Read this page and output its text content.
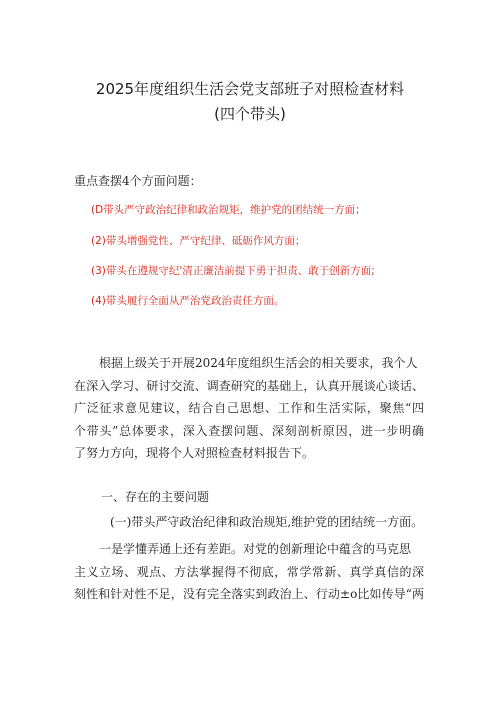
2025年度组织生活会党支部班子对照检查材料
(四个带头)
重点查摆4个方面问题：
(D带头严守政治纪律和政治规矩，维护党的团结统一方面；
(2)带头增强党性、严守纪律、砥砺作风方面；
(3)带头在遵规守纪'清正廉洁前提下勇于担责、敢于创新方面;
(4)带头履行全面从严治党政治责任方面。
根据上级关于开展2024年度组织生活会的相关要求，我个人
在深入学习、研讨交流、调查研究的基础上，认真开展谈心谈话、
广泛征求意见建议，结合自己思想、工作和生活实际，聚焦“四
个带头”总体要求，深入查摆问题、深刻剖析原因，进一步明确
了努力方向，现将个人对照检查材料报告下。
一、存在的主要问题
(一)带头严守政治纪律和政治规矩,维护党的团结统一方面。
一是学懂弄通上还有差距。对党的创新理论中蕴含的马克思
主义立场、观点、方法掌握得不彻底，常学常新、真学真信的深
刻性和针对性不足，没有完全落实到政治上、行动±o比如传导“两
